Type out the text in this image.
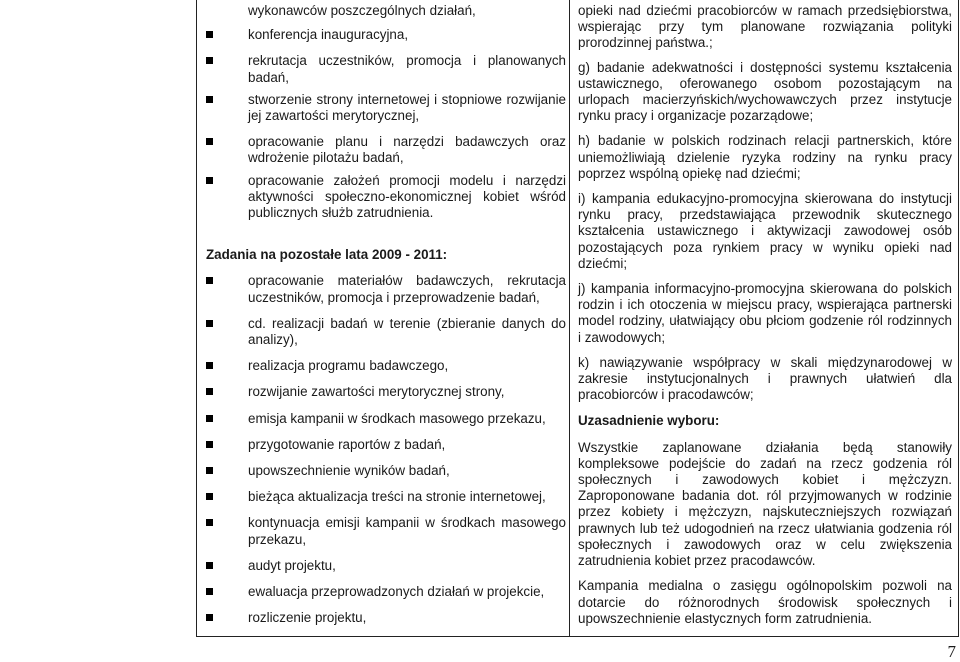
wykonawców poszczególnych działań,
konferencja inauguracyjna,
rekrutacja uczestników, promocja i planowanych badań,
stworzenie strony internetowej i stopniowe rozwijanie jej zawartości merytorycznej,
opracowanie planu i narzędzi badawczych oraz wdrożenie pilotażu badań,
opracowanie założeń promocji modelu i narzędzi aktywności społeczno-ekonomicznej kobiet wśród publicznych służb zatrudnienia.
Zadania na pozostałe lata 2009 - 2011:
opracowanie materiałów badawczych, rekrutacja uczestników, promocja i przeprowadzenie badań,
cd. realizacji badań w terenie (zbieranie danych do analizy),
realizacja programu badawczego,
rozwijanie zawartości merytorycznej strony,
emisja kampanii w środkach masowego przekazu,
przygotowanie raportów z badań,
upowszechnienie wyników badań,
bieżąca aktualizacja treści na stronie internetowej,
kontynuacja emisji kampanii w środkach masowego przekazu,
audyt projektu,
ewaluacja przeprowadzonych działań w projekcie,
rozliczenie projektu,

opieki nad dziećmi pracobiorców w ramach przedsiębiorstwa, wspierając przy tym planowane rozwiązania polityki prorodzinnej państwa.;

g) badanie adekwatności i dostępności systemu kształcenia ustawicznego, oferowanego osobom pozostającym na urlopach macierzyńskich/wychowawczych przez instytucje rynku pracy i organizacje pozarządowe;

h) badanie w polskich rodzinach relacji partnerskich, które uniemożliwiają dzielenie ryzyka rodziny na rynku pracy poprzez wspólną opiekę nad dziećmi;

i) kampania edukacyjno-promocyjna skierowana do instytucji rynku pracy, przedstawiająca przewodnik skutecznego kształcenia ustawicznego i aktywizacji zawodowej osób pozostających poza rynkiem pracy w wyniku opieki nad dziećmi;

j) kampania informacyjno-promocyjna skierowana do polskich rodzin i ich otoczenia w miejscu pracy, wspierająca partnerski model rodziny, ułatwiający obu płciom godzenie ról rodzinnych i zawodowych;

k) nawiązywanie współpracy w skali międzynarodowej w zakresie instytucjonalnych i prawnych ułatwień dla pracobiorców i pracodawców;

Uzasadnienie wyboru:

Wszystkie zaplanowane działania będą stanowiły kompleksowe podejście do zadań na rzecz godzenia ról społecznych i zawodowych kobiet i mężczyzn. Zaproponowane badania dot. ról przyjmowanych w rodzinie przez kobiety i mężczyzn, najskuteczniejszych rozwiązań prawnych lub też udogodnień na rzecz ułatwiania godzenia ról społecznych i zawodowych oraz w celu zwiększenia zatrudnienia kobiet przez pracodawców.

Kampania medialna o zasięgu ogólnopolskim pozwoli na dotarcie do różnorodnych środowisk społecznych i upowszechnienie elastycznych form zatrudnienia.

7
